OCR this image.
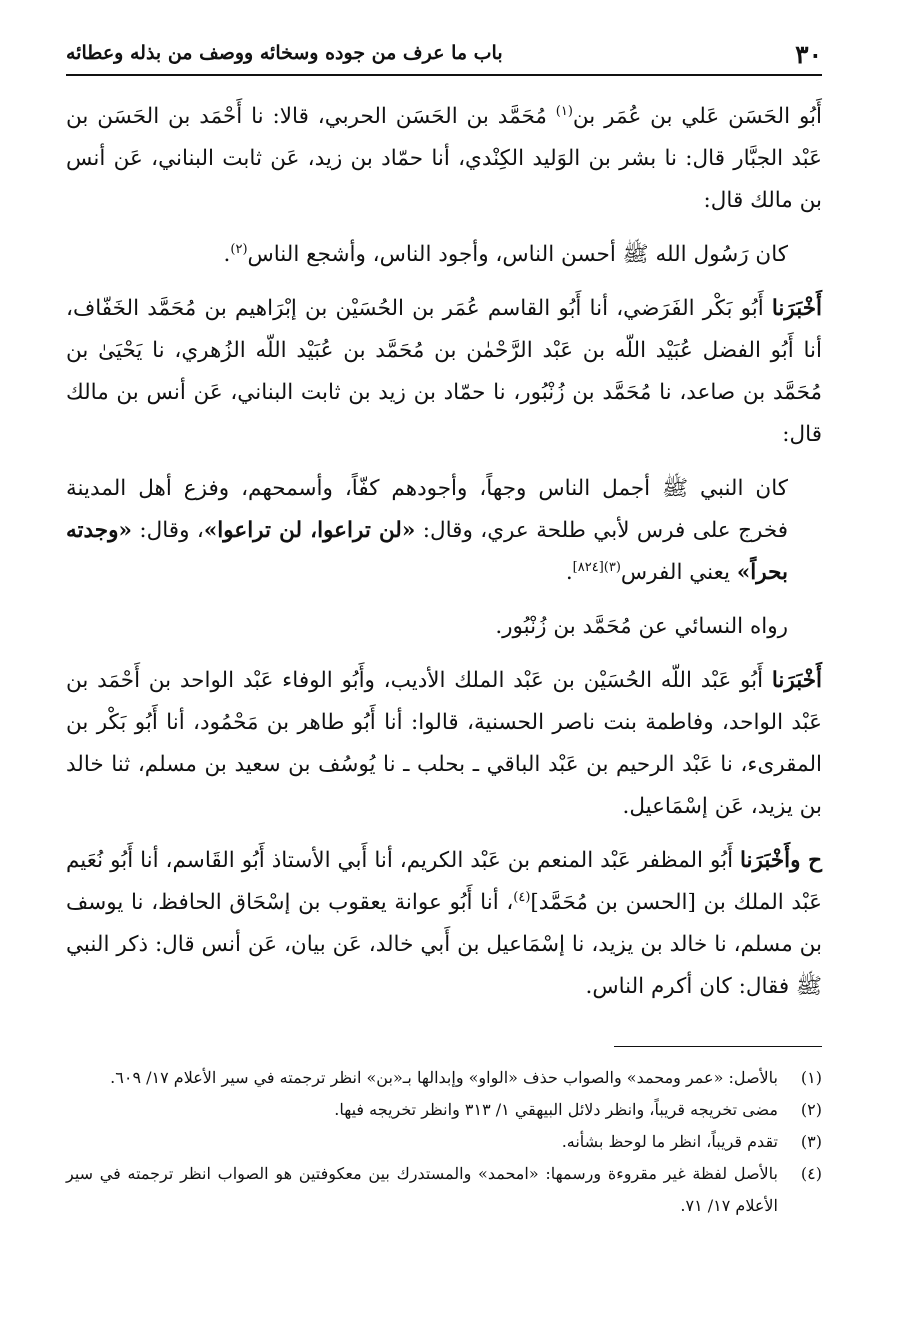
٣٠
باب ما عرف من جوده وسخائه ووصف من بذله وعطائه

أَبُو الحَسَن عَلي بن عُمَر بن$^{(١)}$ مُحَمَّد بن الحَسَن الحربي، قالا: نا أَحْمَد بن الحَسَن بن عَبْد الجبَّار قال: نا بشر بن الوَليد الكِنْدي، أنا حمّاد بن زيد، عَن ثابت البناني، عَن أنس بن مالك قال:

كان رَسُول الله ﷺ أحسن الناس، وأجود الناس، وأشجع الناس$^{(٢)}$.

أَخْبَرَنا أَبُو بَكْر الفَرَضي، أنا أَبُو القاسم عُمَر بن الحُسَيْن بن إبْرَاهيم بن مُحَمَّد الخَفّاف، أنا أَبُو الفضل عُبَيْد اللّه بن عَبْد الرَّحْمٰن بن مُحَمَّد بن عُبَيْد اللّه الزُهري، نا يَحْيَىٰ بن مُحَمَّد بن صاعد، نا مُحَمَّد بن زُنْبُور، نا حمّاد بن زيد بن ثابت البناني، عَن أنس بن مالك قال:

كان النبي ﷺ أجمل الناس وجهاً، وأجودهم كفّاً، وأسمحهم، وفزع أهل المدينة فخرج على فرس لأبي طلحة عري، وقال: «لن تراعوا، لن تراعوا»، وقال: «وجدته بحراً» يعني الفرس$^{(٣)[٨٢٤]}$.

رواه النسائي عن مُحَمَّد بن زُنْبُور.

أَخْبَرَنا أَبُو عَبْد اللّه الحُسَيْن بن عَبْد الملك الأديب، وأَبُو الوفاء عَبْد الواحد بن أَحْمَد بن عَبْد الواحد، وفاطمة بنت ناصر الحسنية، قالوا: أنا أَبُو طاهر بن مَحْمُود، أنا أَبُو بَكْر بن المقرىء، نا عَبْد الرحيم بن عَبْد الباقي ـ بحلب ـ نا يُوسُف بن سعيد بن مسلم، ثنا خالد بن يزيد، عَن إسْمَاعيل.

ح وأَخْبَرَنا أَبُو المظفر عَبْد المنعم بن عَبْد الكريم، أنا أَبي الأستاذ أَبُو القَاسم، أنا أَبُو نُعَيم عَبْد الملك بن [الحسن بن مُحَمَّد]$^{(٤)}$، أنا أَبُو عوانة يعقوب بن إسْحَاق الحافظ، نا يوسف بن مسلم، نا خالد بن يزيد، نا إسْمَاعيل بن أَبي خالد، عَن بيان، عَن أنس قال: ذكر النبي ﷺ فقال: كان أكرم الناس.

(١)
بالأصل: «عمر ومحمد» والصواب حذف «الواو» وإبدالها بـ«بن» انظر ترجمته في سير الأعلام ١٧/ ٦٠٩.
(٢)
مضى تخريجه قريباً، وانظر دلائل البيهقي ١/ ٣١٣ وانظر تخريجه فيها.
(٣)
تقدم قريباً، انظر ما لوحظ بشأنه.
(٤)
بالأصل لفظة غير مقروءة ورسمها: «امحمد» والمستدرك بين معكوفتين هو الصواب انظر ترجمته في سير الأعلام ١٧/ ٧١.
